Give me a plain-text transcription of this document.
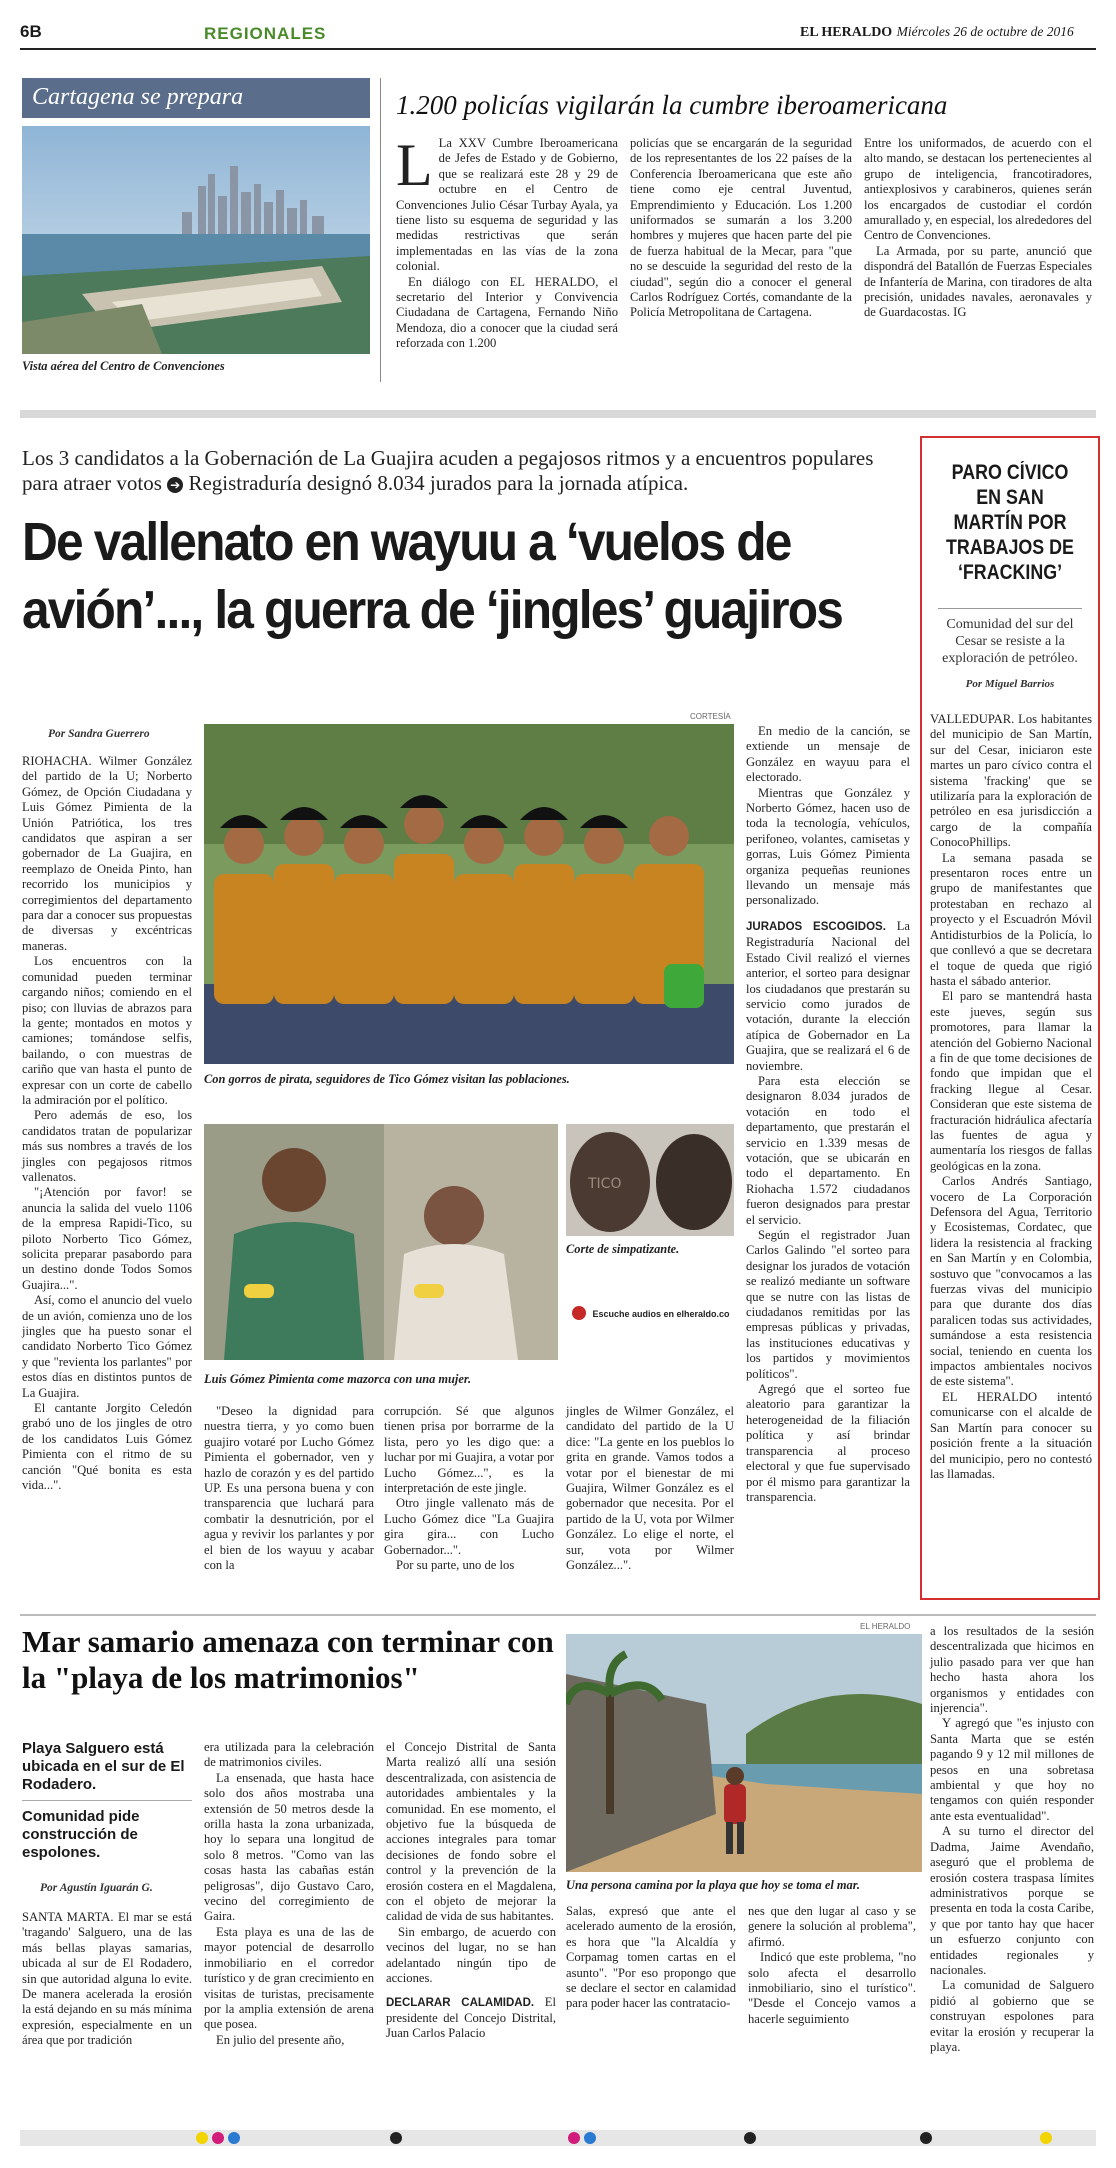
6B	REGIONALES	EL HERALDO Miércoles 26 de octubre de 2016
Cartagena se prepara
Vista aérea del Centro de Convenciones
1.200 policías vigilarán la cumbre iberoamericana
L La XXV Cumbre Iberoamericana de Jefes de Estado y de Gobierno, que se realizará este 28 y 29 de octubre en el Centro de Convenciones Julio César Turbay Ayala, ya tiene listo su esquema de seguridad y las medidas restrictivas que serán implementadas en las vías de la zona colonial.

En diálogo con EL HERALDO, el secretario del Interior y Convivencia Ciudadana de Cartagena, Fernando Niño Mendoza, dio a conocer que la ciudad será reforzada con 1.200

policías que se encargarán de la seguridad de los representantes de los 22 países de la Conferencia Iberoamericana que este año tiene como eje central Juventud, Emprendimiento y Educación. Los 1.200 uniformados se sumarán a los 3.200 hombres y mujeres que hacen parte del pie de fuerza habitual de la Mecar, para "que no se descuide la seguridad del resto de la ciudad", según dio a conocer el general Carlos Rodríguez Cortés, comandante de la Policía Metropolitana de Cartagena.

Entre los uniformados, de acuerdo con el alto mando, se destacan los pertenecientes al grupo de inteligencia, francotiradores, antiexplosivos y carabineros, quienes serán los encargados de custodiar el cordón amurallado y, en especial, los alrededores del Centro de Convenciones.

La Armada, por su parte, anunció que dispondrá del Batallón de Fuerzas Especiales de Infantería de Marina, con tiradores de alta precisión, unidades navales, aeronavales y de Guardacostas. IG

Los 3 candidatos a la Gobernación de La Guajira acuden a pegajosos ritmos y a encuentros populares para atraer votos ➔ Registraduría designó 8.034 jurados para la jornada atípica.
De vallenato en wayuu a ‘vuelos de
avión’..., la guerra de ‘jingles’ guajiros
Por Sandra Guerrero
CORTESÍA
Con gorros de pirata, seguidores de Tico Gómez visitan las poblaciones.
Luis Gómez Pimienta come mazorca con una mujer.
TICO
Corte de simpatizante.
Escuche audios en elheraldo.co

RIOHACHA. Wilmer González del partido de la U; Norberto Gómez, de Opción Ciudadana y Luis Gómez Pimienta de la Unión Patriótica, los tres candidatos que aspiran a ser gobernador de La Guajira, en reemplazo de Oneida Pinto, han recorrido los municipios y corregimientos del departamento para dar a conocer sus propuestas de diversas y excéntricas maneras.

Los encuentros con la comunidad pueden terminar cargando niños; comiendo en el piso; con lluvias de abrazos para la gente; montados en motos y camiones; tomándose selfis, bailando, o con muestras de cariño que van hasta el punto de expresar con un corte de cabello la admiración por el político.

Pero además de eso, los candidatos tratan de popularizar más sus nombres a través de los jingles con pegajosos ritmos vallenatos.

"¡Atención por favor! se anuncia la salida del vuelo 1106 de la empresa Rapidi-Tico, su piloto Norberto Tico Gómez, solicita preparar pasabordo para un destino donde Todos Somos Guajira...".

Así, como el anuncio del vuelo de un avión, comienza uno de los jingles que ha puesto sonar el candidato Norberto Tico Gómez y que "revienta los parlantes" por estos días en distintos puntos de La Guajira.

El cantante Jorgito Celedón grabó uno de los jingles de otro de los candidatos Luis Gómez Pimienta con el ritmo de su canción "Qué bonita es esta vida...".

"Deseo la dignidad para nuestra tierra, y yo como buen guajiro votaré por Lucho Gómez Pimienta el gobernador, ven y hazlo de corazón y es del partido UP. Es una persona buena y con transparencia que luchará para combatir la desnutrición, por el agua y revivir los parlantes y por el bien de los wayuu y acabar con la

corrupción. Sé que algunos tienen prisa por borrarme de la lista, pero yo les digo que: a luchar por mi Guajira, a votar por Lucho Gómez...", es la interpretación de este jingle.

Otro jingle vallenato más de Lucho Gómez dice "La Guajira gira gira... con Lucho Gobernador...".

Por su parte, uno de los

jingles de Wilmer González, el candidato del partido de la U dice: "La gente en los pueblos lo grita en grande. Vamos todos a votar por el bienestar de mi Guajira, Wilmer González es el gobernador que necesita. Por el partido de la U, vota por Wilmer González. Lo elige el norte, el sur, vota por Wilmer González...".

En medio de la canción, se extiende un mensaje de González en wayuu para el electorado.

Mientras que González y Norberto Gómez, hacen uso de toda la tecnología, vehículos, perifoneo, volantes, camisetas y gorras, Luis Gómez Pimienta organiza pequeñas reuniones llevando un mensaje más personalizado.

JURADOS ESCOGIDOS. La Registraduría Nacional del Estado Civil realizó el viernes anterior, el sorteo para designar los ciudadanos que prestarán su servicio como jurados de votación, durante la elección atípica de Gobernador en La Guajira, que se realizará el 6 de noviembre.

Para esta elección se designaron 8.034 jurados de votación en todo el departamento, que prestarán el servicio en 1.339 mesas de votación, que se ubicarán en todo el departamento. En Riohacha 1.572 ciudadanos fueron designados para prestar el servicio.

Según el registrador Juan Carlos Galindo "el sorteo para designar los jurados de votación se realizó mediante un software que se nutre con las listas de ciudadanos remitidas por las empresas públicas y privadas, las instituciones educativas y los partidos y movimientos políticos".

Agregó que el sorteo fue aleatorio para garantizar la heterogeneidad de la filiación política y así brindar transparencia al proceso electoral y que fue supervisado por él mismo para garantizar la transparencia.

PARO CÍVICO EN SAN MARTÍN POR TRABAJOS DE ‘FRACKING’
Comunidad del sur del Cesar se resiste a la exploración de petróleo.
Por Miguel Barrios

VALLEDUPAR. Los habitantes del municipio de San Martín, sur del Cesar, iniciaron este martes un paro cívico contra el sistema 'fracking' que se utilizaría para la exploración de petróleo en esa jurisdicción a cargo de la compañía ConocoPhillips.

La semana pasada se presentaron roces entre un grupo de manifestantes que protestaban en rechazo al proyecto y el Escuadrón Móvil Antidisturbios de la Policía, lo que conllevó a que se decretara el toque de queda que rigió hasta el sábado anterior.

El paro se mantendrá hasta este jueves, según sus promotores, para llamar la atención del Gobierno Nacional a fin de que tome decisiones de fondo que impidan que el fracking llegue al Cesar. Consideran que este sistema de fracturación hidráulica afectaría las fuentes de agua y aumentaría los riesgos de fallas geológicas en la zona.

Carlos Andrés Santiago, vocero de La Corporación Defensora del Agua, Territorio y Ecosistemas, Cordatec, que lidera la resistencia al fracking en San Martín y en Colombia, sostuvo que "convocamos a las fuerzas vivas del municipio para que durante dos días paralicen todas sus actividades, sumándose a esta resistencia social, teniendo en cuenta los impactos ambientales nocivos de este sistema".

EL HERALDO intentó comunicarse con el alcalde de San Martín para conocer su posición frente a la situación del municipio, pero no contestó las llamadas.

Mar samario amenaza con terminar con la "playa de los matrimonios"
Playa Salguero está ubicada en el sur de El Rodadero.
Comunidad pide construcción de espolones.
Por Agustín Iguarán G.

SANTA MARTA. El mar se está 'tragando' Salguero, una de las más bellas playas samarias, ubicada al sur de El Rodadero, sin que autoridad alguna lo evite. De manera acelerada la erosión la está dejando en su más mínima expresión, especialmente en un área que por tradición

era utilizada para la celebración de matrimonios civiles.

La ensenada, que hasta hace solo dos años mostraba una extensión de 50 metros desde la orilla hasta la zona urbanizada, hoy lo separa una longitud de solo 8 metros. "Como van las cosas hasta las cabañas están peligrosas", dijo Gustavo Caro, vecino del corregimiento de Gaira.

Esta playa es una de las de mayor potencial de desarrollo inmobiliario en el corredor turístico y de gran crecimiento en visitas de turistas, precisamente por la amplia extensión de arena que posea.

En julio del presente año,

el Concejo Distrital de Santa Marta realizó allí una sesión descentralizada, con asistencia de autoridades ambientales y la comunidad. En ese momento, el objetivo fue la búsqueda de acciones integrales para tomar decisiones de fondo sobre el control y la prevención de la erosión costera en el Magdalena, con el objeto de mejorar la calidad de vida de sus habitantes.

Sin embargo, de acuerdo con vecinos del lugar, no se han adelantado ningún tipo de acciones.

DECLARAR CALAMIDAD. El presidente del Concejo Distrital, Juan Carlos Palacio

EL HERALDO
Una persona camina por la playa que hoy se toma el mar.

Salas, expresó que ante el acelerado aumento de la erosión, es hora que "la Alcaldía y Corpamag tomen cartas en el asunto". "Por eso propongo que se declare el sector en calamidad para poder hacer las contratacio-

nes que den lugar al caso y se genere la solución al problema", afirmó.

Indicó que este problema, "no solo afecta el desarrollo inmobiliario, sino el turístico". "Desde el Concejo vamos a hacerle seguimiento

a los resultados de la sesión descentralizada que hicimos en julio pasado para ver que han hecho hasta ahora los organismos y entidades con injerencia".

Y agregó que "es injusto con Santa Marta que se estén pagando 9 y 12 mil millones de pesos en una sobretasa ambiental y que hoy no tengamos con quién responder ante esta eventualidad".

A su turno el director del Dadma, Jaime Avendaño, aseguró que el problema de erosión costera traspasa límites administrativos porque se presenta en toda la costa Caribe, y que por tanto hay que hacer un esfuerzo conjunto con entidades regionales y nacionales.

La comunidad de Salguero pidió al gobierno que se construyan espolones para evitar la erosión y recuperar la playa.
